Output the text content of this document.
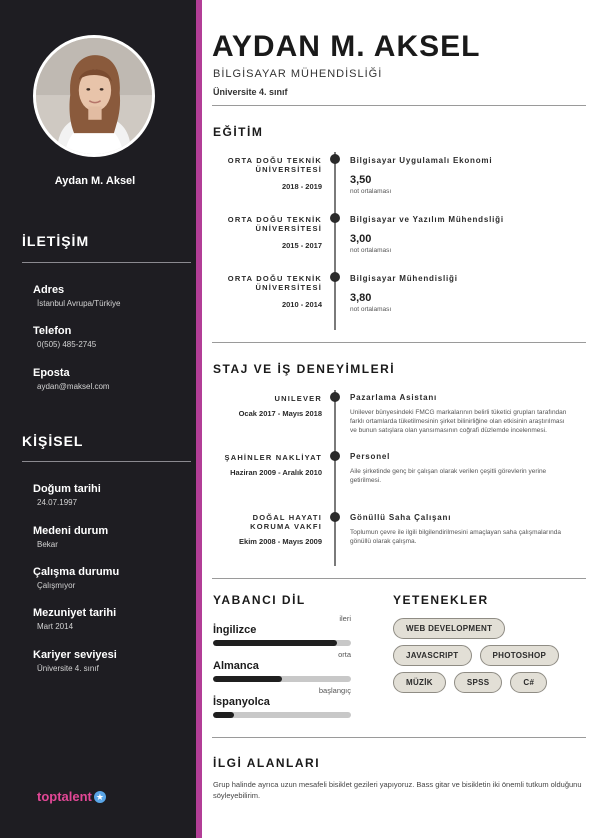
Aydan M. Aksel
İLETİŞİM
Adres
İstanbul Avrupa/Türkiye
Telefon
0(505) 485-2745
Eposta
aydan@maksel.com
KİŞİSEL
Doğum tarihi
24.07.1997
Medeni durum
Bekar
Çalışma durumu
Çalışmıyor
Mezuniyet tarihi
Mart 2014
Kariyer seviyesi
Üniversite 4. sınıf
toptalent ★
AYDAN M. AKSEL
BİLGİSAYAR MÜHENDİSLİĞİ
Üniversite 4. sınıf
EĞİTİM
ORTA DOĞU TEKNİK ÜNİVERSİTESİ
2018 - 2019
Bilgisayar Uygulamalı Ekonomi
3,50
not ortalaması
ORTA DOĞU TEKNİK ÜNİVERSİTESİ
2015 - 2017
Bilgisayar ve Yazılım Mühendsliği
3,00
not ortalaması
ORTA DOĞU TEKNİK ÜNİVERSİTESİ
2010 - 2014
Bilgisayar Mühendisliği
3,80
not ortalaması
STAJ VE İŞ DENEYİMLERİ
UNILEVER
Ocak 2017 - Mayıs 2018
Pazarlama Asistanı
Unilever bünyesindeki FMCG markalarının belirli tüketici grupları tarafından farklı ortamlarda tüketilmesinin şirket bilinirliğine olan etkisinin araştırılması ve bunun satışlara olan yansımasının coğrafi düzlemde incelenmesi.
ŞAHİNLER NAKLİYAT
Haziran 2009 - Aralık 2010
Personel
Aile şirketinde genç bir çalışan olarak verilen çeşitli görevlerin yerine getirilmesi.
DOĞAL HAYATI KORUMA VAKFI
Ekim 2008 - Mayıs 2009
Gönüllü Saha Çalışanı
Toplumun çevre ile ilgili bilgilendirilmesini amaçlayan saha çalışmalarında gönüllü olarak çalışma.
YABANCI DİL
İngilizce
ileri
Almanca
orta
İspanyolca
başlangıç
YETENEKLER
WEB DEVELOPMENT
JAVASCRIPT	PHOTOSHOP
MÜZİK	SPSS	C#
İLGİ ALANLARI
Grup halinde ayrıca uzun mesafeli bisiklet gezileri yapıyoruz. Bass gitar ve bisikletin iki önemli tutkum olduğunu söyleyebilirim.
